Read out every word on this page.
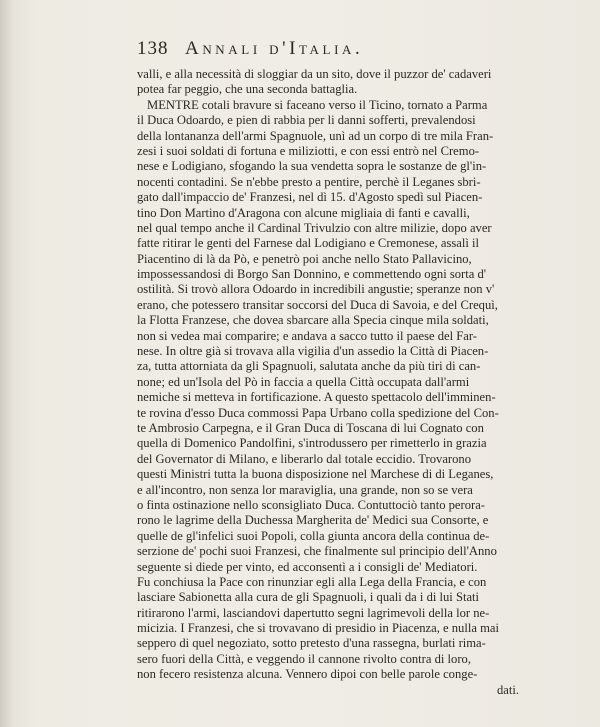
138 Annali d'Italia.
valli, e alla necessità di sloggiar da un sito, dove il puzzor de' cadaveri
potea far peggio, che una seconda battaglia.
MENTRE cotali bravure si faceano verso il Ticino, tornato a Parma
il Duca Odoardo, e pien di rabbia per li danni sofferti, prevalendosi
della lontananza dell'armi Spagnuole, unì ad un corpo di tre mila Fran-
zesi i suoi soldati di fortuna e miliziotti, e con essi entrò nel Cremo-
nese e Lodigiano, sfogando la sua vendetta sopra le sostanze de gl'in-
nocenti contadini. Se n'ebbe presto a pentire, perchè il Leganes sbri-
gato dall'impaccio de' Franzesi, nel dì 15. d'Agosto spedì sul Piacen-
tino Don Martino d'Aragona con alcune migliaia di fanti e cavalli,
nel qual tempo anche il Cardinal Trivulzio con altre milizie, dopo aver
fatte ritirar le genti del Farnese dal Lodigiano e Cremonese, assalì il
Piacentino di là da Pò, e penetrò poi anche nello Stato Pallavicino,
impossessandosi di Borgo San Donnino, e commettendo ogni sorta d'
ostilità. Si trovò allora Odoardo in incredibili angustie; speranze non v'
erano, che potessero transitar soccorsi del Duca di Savoia, e del Crequì,
la Flotta Franzese, che dovea sbarcare alla Specia cinque mila soldati,
non si vedea mai comparire; e andava a sacco tutto il paese del Far-
nese. In oltre già si trovava alla vigilia d'un assedio la Città di Piacen-
za, tutta attorniata da gli Spagnuoli, salutata anche da più tiri di can-
none; ed un'Isola del Pò in faccia a quella Città occupata dall'armi
nemiche si metteva in fortificazione. A questo spettacolo dell'imminen-
te rovina d'esso Duca commossi Papa Urbano colla spedizione del Con-
te Ambrosio Carpegna, e il Gran Duca di Toscana di lui Cognato con
quella di Domenico Pandolfini, s'introdussero per rimetterlo in grazia
del Governator di Milano, e liberarlo dal totale eccidio. Trovarono
questi Ministri tutta la buona disposizione nel Marchese di di Leganes,
e all'incontro, non senza lor maraviglia, una grande, non so se vera
o finta ostinazione nello sconsigliato Duca. Contuttociò tanto perora-
rono le lagrime della Duchessa Margherita de' Medici sua Consorte, e
quelle de gl'infelici suoi Popoli, colla giunta ancora della continua de-
serzione de' pochi suoi Franzesi, che finalmente sul principio dell'Anno
seguente si diede per vinto, ed acconsentì a i consigli de' Mediatori.
Fu conchiusa la Pace con rinunziar egli alla Lega della Francia, e con
lasciare Sabionetta alla cura de gli Spagnuoli, i quali da i di lui Stati
ritirarono l'armi, lasciandovi dapertutto segni lagrimevoli della lor ne-
micizia. I Franzesi, che si trovavano di presidio in Piacenza, e nulla mai
seppero di quel negoziato, sotto pretesto d'una rassegna, burlati rima-
sero fuori della Città, e veggendo il cannone rivolto contra di loro,
non fecero resistenza alcuna. Vennero dipoi con belle parole conge-
dati.
